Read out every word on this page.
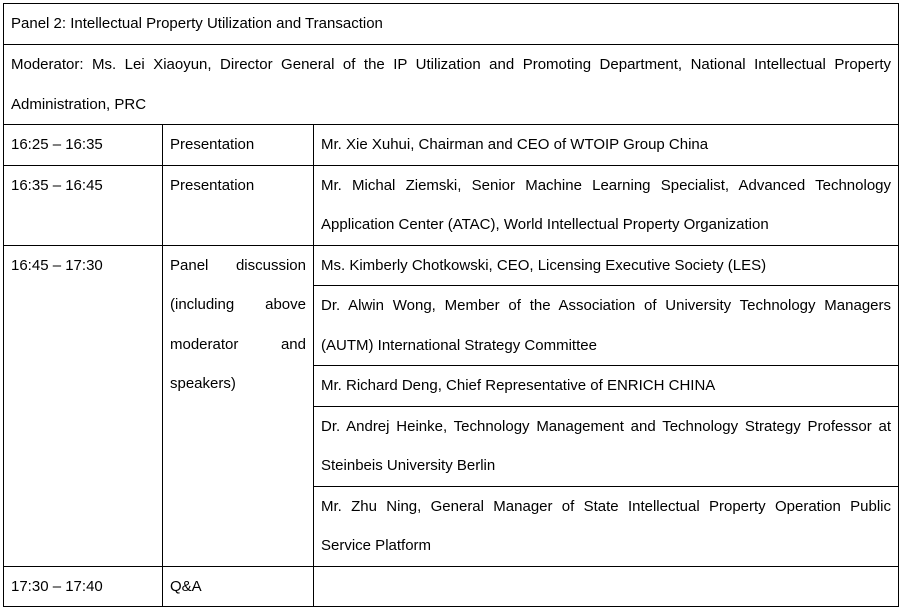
Panel 2: Intellectual Property Utilization and Transaction		
Moderator: Ms. Lei Xiaoyun, Director General of the IP Utilization and Promoting Department, National Intellectual Property Administration, PRC		
16:25 – 16:35	Presentation	Mr. Xie Xuhui, Chairman and CEO of WTOIP Group China
16:35 – 16:45	Presentation	Mr. Michal Ziemski, Senior Machine Learning Specialist, Advanced Technology Application Center (ATAC), World Intellectual Property Organization
16:45 – 17:30	Panel discussion (including above moderator and speakers)	Ms. Kimberly Chotkowski, CEO, Licensing Executive Society (LES)
		Dr. Alwin Wong, Member of the Association of University Technology Managers (AUTM) International Strategy Committee
		Mr. Richard Deng, Chief Representative of ENRICH CHINA
		Dr. Andrej Heinke, Technology Management and Technology Strategy Professor at Steinbeis University Berlin
		Mr. Zhu Ning, General Manager of State Intellectual Property Operation Public Service Platform
17:30 – 17:40	Q&A	
